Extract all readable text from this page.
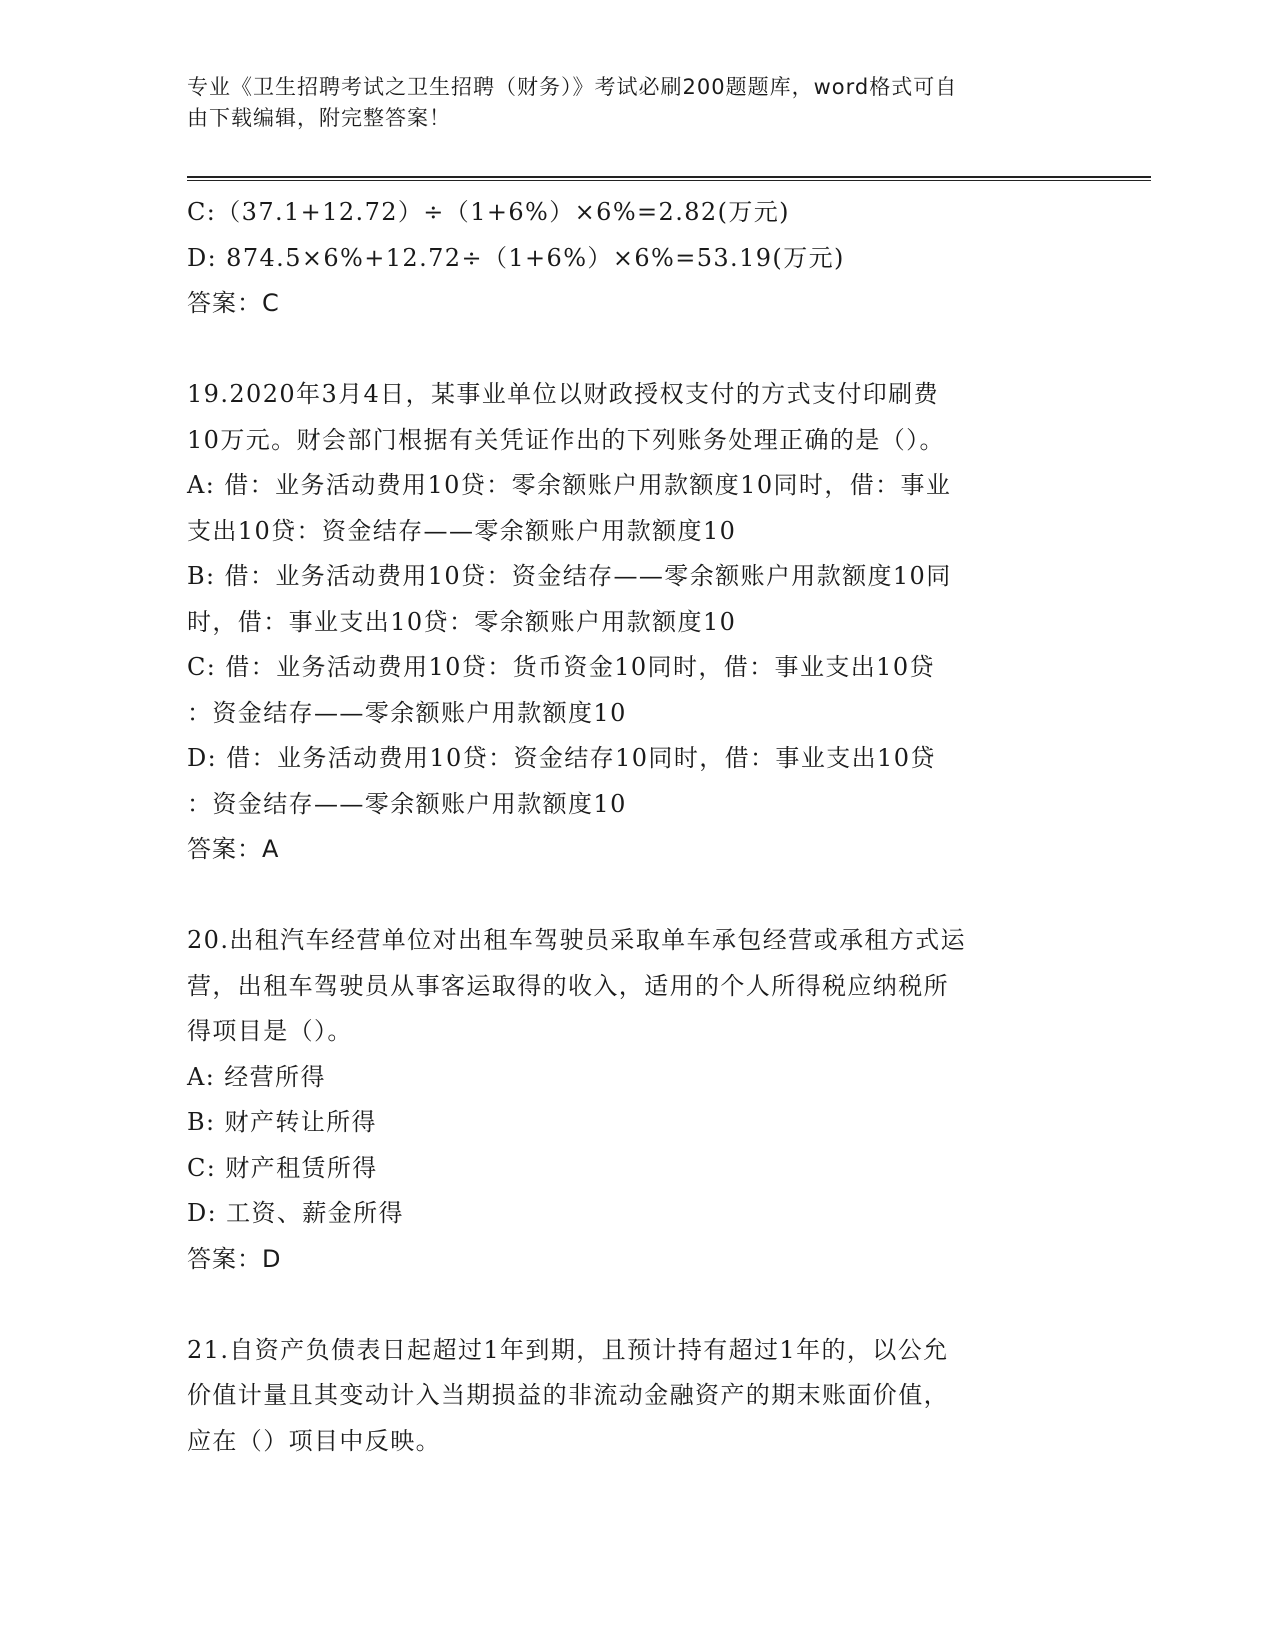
专业《卫生招聘考试之卫生招聘（财务）》考试必刷200题题库，word格式可自
由下载编辑，附完整答案！
C:（37.1+12.72）÷（1+6%）×6%=2.82(万元)
D: 874.5×6%+12.72÷（1+6%）×6%=53.19(万元)
答案：C
19.2020年3月4日，某事业单位以财政授权支付的方式支付印刷费
10万元。财会部门根据有关凭证作出的下列账务处理正确的是（）。
A: 借：业务活动费用10贷：零余额账户用款额度10同时，借：事业
支出10贷：资金结存——零余额账户用款额度10
B: 借：业务活动费用10贷：资金结存——零余额账户用款额度10同
时，借：事业支出10贷：零余额账户用款额度10
C: 借：业务活动费用10贷：货币资金10同时，借：事业支出10贷
：资金结存——零余额账户用款额度10
D: 借：业务活动费用10贷：资金结存10同时，借：事业支出10贷
：资金结存——零余额账户用款额度10
答案：A
20.出租汽车经营单位对出租车驾驶员采取单车承包经营或承租方式运
营，出租车驾驶员从事客运取得的收入，适用的个人所得税应纳税所
得项目是（）。
A: 经营所得
B: 财产转让所得
C: 财产租赁所得
D: 工资、薪金所得
答案：D
21.自资产负债表日起超过1年到期，且预计持有超过1年的，以公允
价值计量且其变动计入当期损益的非流动金融资产的期末账面价值，
应在（）项目中反映。
